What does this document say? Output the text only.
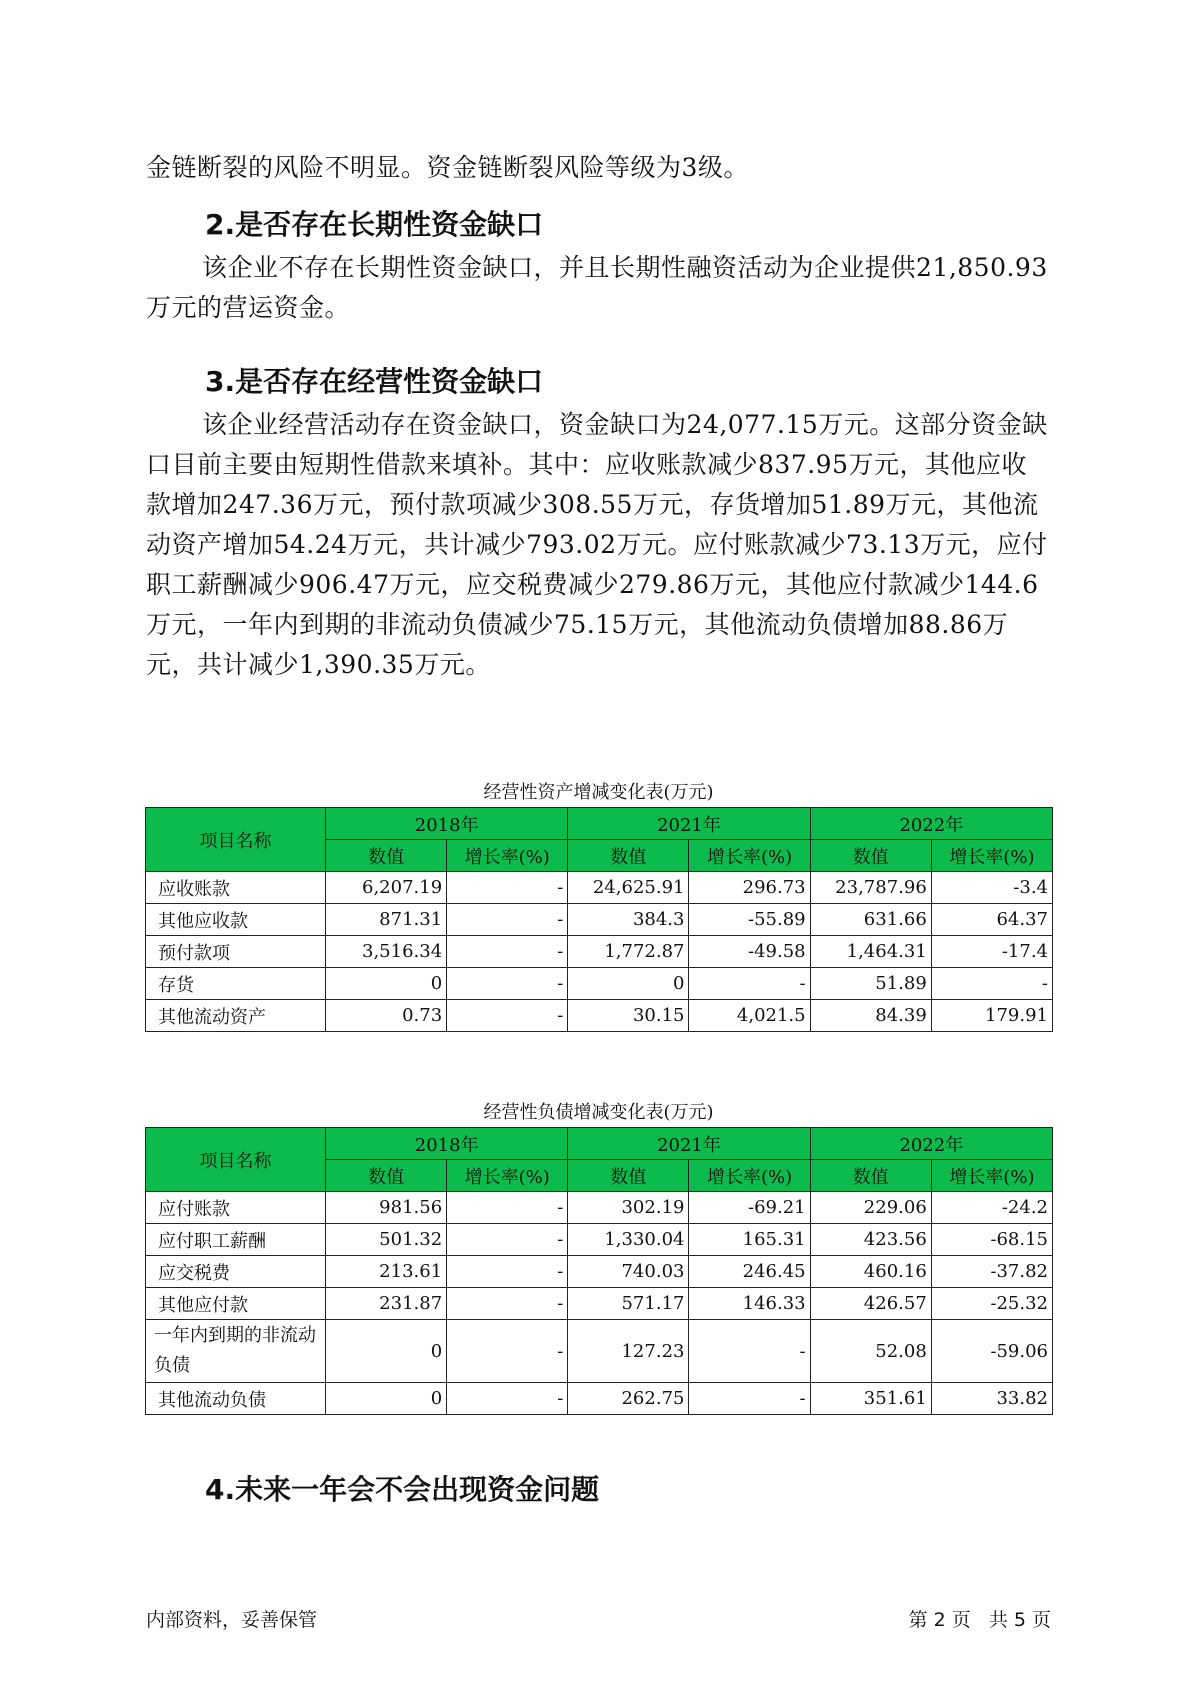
金链断裂的风险不明显。资金链断裂风险等级为3级。

2.是否存在长期性资金缺口

该企业不存在长期性资金缺口，并且长期性融资活动为企业提供21,850.93万元的营运资金。

3.是否存在经营性资金缺口

该企业经营活动存在资金缺口，资金缺口为24,077.15万元。这部分资金缺口目前主要由短期性借款来填补。其中：应收账款减少837.95万元，其他应收款增加247.36万元，预付款项减少308.55万元，存货增加51.89万元，其他流动资产增加54.24万元，共计减少793.02万元。应付账款减少73.13万元，应付职工薪酬减少906.47万元，应交税费减少279.86万元，其他应付款减少144.6万元，一年内到期的非流动负债减少75.15万元，其他流动负债增加88.86万元，共计减少1,390.35万元。

经营性资产增减变化表(万元)
项目名称	2018年		2021年		2022年	
	数值	增长率(%)	数值	增长率(%)	数值	增长率(%)
应收账款	6,207.19	-	24,625.91	296.73	23,787.96	-3.4
其他应收款	871.31	-	384.3	-55.89	631.66	64.37
预付款项	3,516.34	-	1,772.87	-49.58	1,464.31	-17.4
存货	0	-	0	-	51.89	-
其他流动资产	0.73	-	30.15	4,021.5	84.39	179.91
经营性负债增减变化表(万元)
项目名称	2018年		2021年		2022年	
	数值	增长率(%)	数值	增长率(%)	数值	增长率(%)
应付账款	981.56	-	302.19	-69.21	229.06	-24.2
应付职工薪酬	501.32	-	1,330.04	165.31	423.56	-68.15
应交税费	213.61	-	740.03	246.45	460.16	-37.82
其他应付款	231.87	-	571.17	146.33	426.57	-25.32
一年内到期的非流动负债	0	-	127.23	-	52.08	-59.06
其他流动负债	0	-	262.75	-	351.61	33.82
4.未来一年会不会出现资金问题
内部资料，妥善保管	第 2 页   共 5 页
